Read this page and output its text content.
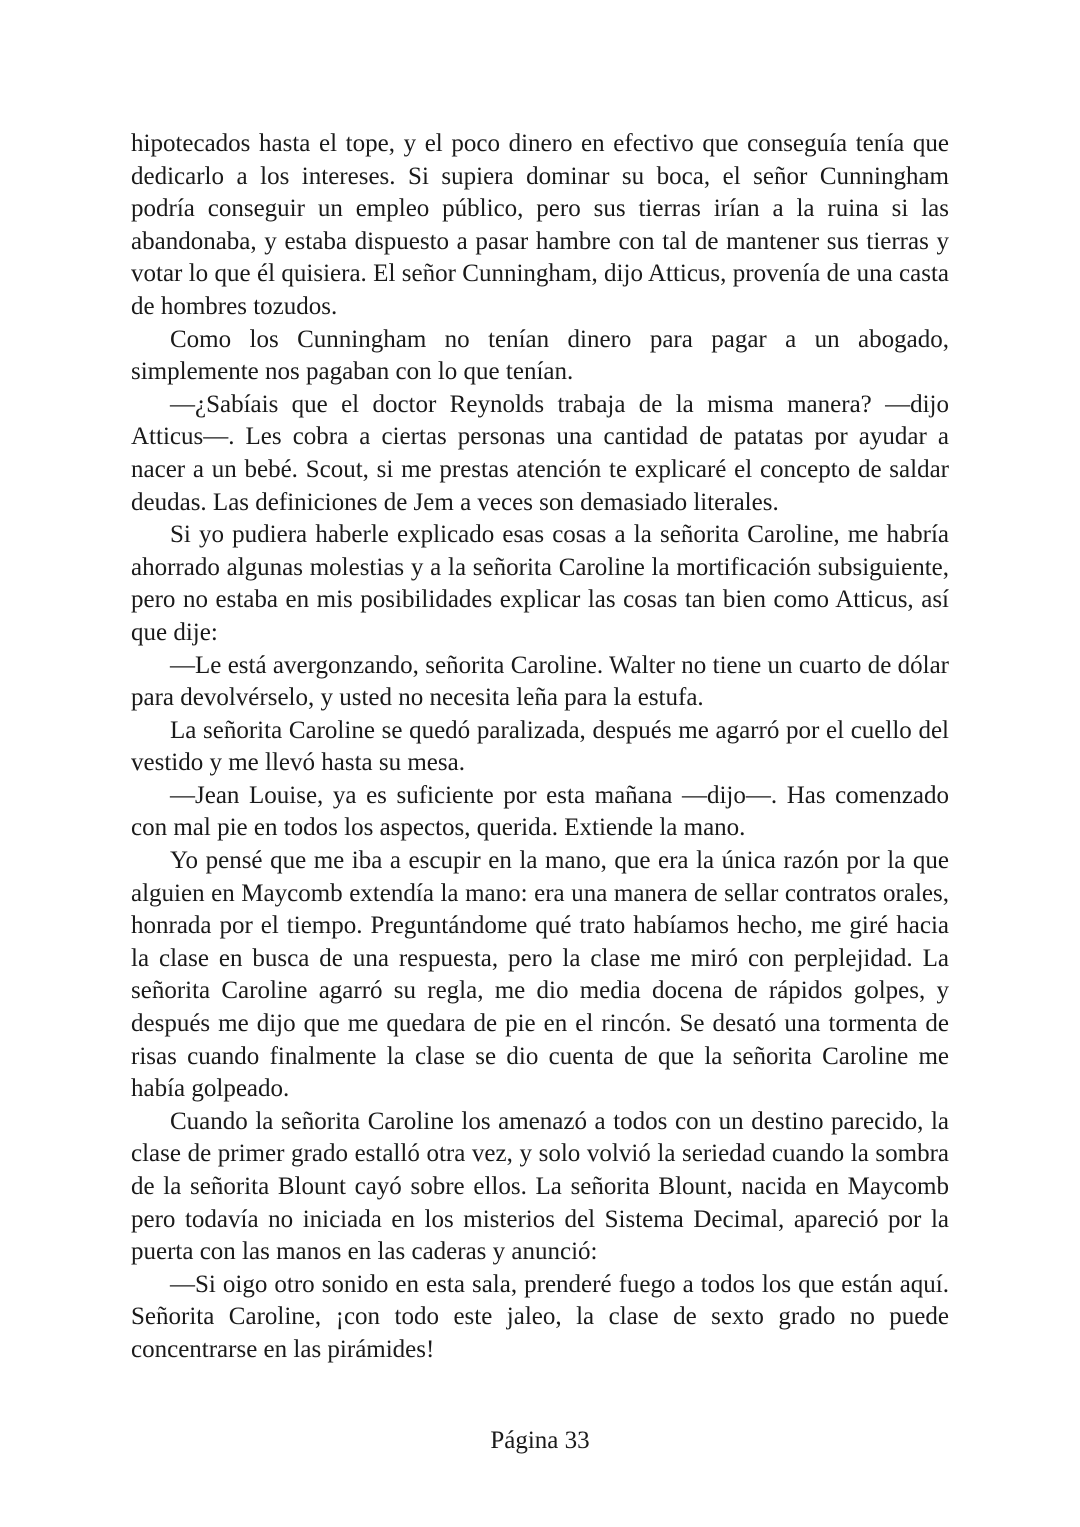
hipotecados hasta el tope, y el poco dinero en efectivo que conseguía tenía que dedicarlo a los intereses. Si supiera dominar su boca, el señor Cunningham podría conseguir un empleo público, pero sus tierras irían a la ruina si las abandonaba, y estaba dispuesto a pasar hambre con tal de mantener sus tierras y votar lo que él quisiera. El señor Cunningham, dijo Atticus, provenía de una casta de hombres tozudos.

Como los Cunningham no tenían dinero para pagar a un abogado, simplemente nos pagaban con lo que tenían.

—¿Sabíais que el doctor Reynolds trabaja de la misma manera? —dijo Atticus—. Les cobra a ciertas personas una cantidad de patatas por ayudar a nacer a un bebé. Scout, si me prestas atención te explicaré el concepto de saldar deudas. Las definiciones de Jem a veces son demasiado literales.

Si yo pudiera haberle explicado esas cosas a la señorita Caroline, me habría ahorrado algunas molestias y a la señorita Caroline la mortificación subsiguiente, pero no estaba en mis posibilidades explicar las cosas tan bien como Atticus, así que dije:

—Le está avergonzando, señorita Caroline. Walter no tiene un cuarto de dólar para devolvérselo, y usted no necesita leña para la estufa.

La señorita Caroline se quedó paralizada, después me agarró por el cuello del vestido y me llevó hasta su mesa.

—Jean Louise, ya es suficiente por esta mañana —dijo—. Has comenzado con mal pie en todos los aspectos, querida. Extiende la mano.

Yo pensé que me iba a escupir en la mano, que era la única razón por la que alguien en Maycomb extendía la mano: era una manera de sellar contratos orales, honrada por el tiempo. Preguntándome qué trato habíamos hecho, me giré hacia la clase en busca de una respuesta, pero la clase me miró con perplejidad. La señorita Caroline agarró su regla, me dio media docena de rápidos golpes, y después me dijo que me quedara de pie en el rincón. Se desató una tormenta de risas cuando finalmente la clase se dio cuenta de que la señorita Caroline me había golpeado.

Cuando la señorita Caroline los amenazó a todos con un destino parecido, la clase de primer grado estalló otra vez, y solo volvió la seriedad cuando la sombra de la señorita Blount cayó sobre ellos. La señorita Blount, nacida en Maycomb pero todavía no iniciada en los misterios del Sistema Decimal, apareció por la puerta con las manos en las caderas y anunció:

—Si oigo otro sonido en esta sala, prenderé fuego a todos los que están aquí. Señorita Caroline, ¡con todo este jaleo, la clase de sexto grado no puede concentrarse en las pirámides!

Página 33
